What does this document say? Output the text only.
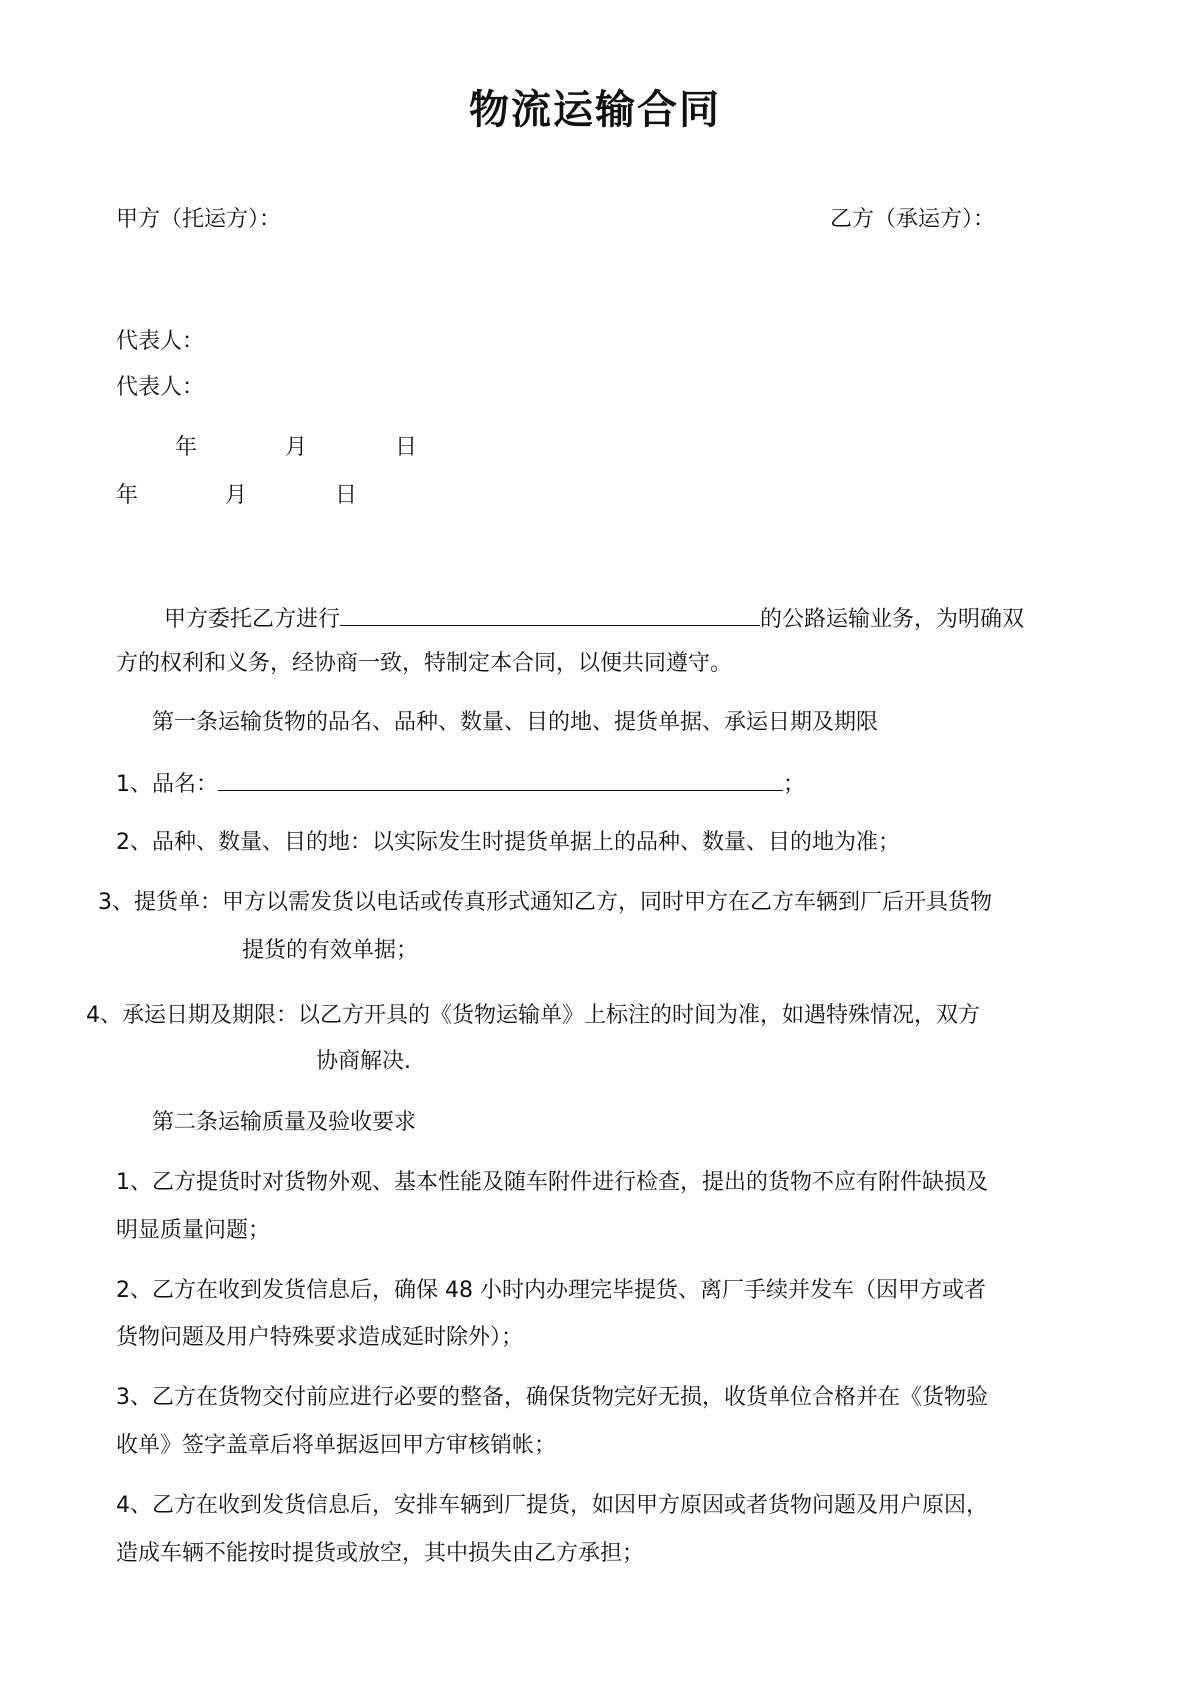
物流运输合同
甲方（托运方）：	乙方（承运方）：
代表人：
代表人：
年	月	日
年	月	日
甲方委托乙方进行	的公路运输业务，为明确双
方的权利和义务，经协商一致，特制定本合同，以便共同遵守。
第一条运输货物的品名、品种、数量、目的地、提货单据、承运日期及期限
1、品名：	；
2、品种、数量、目的地：以实际发生时提货单据上的品种、数量、目的地为准；
3、提货单：甲方以需发货以电话或传真形式通知乙方，同时甲方在乙方车辆到厂后开具货物
提货的有效单据；
4、承运日期及期限：以乙方开具的《货物运输单》上标注的时间为准，如遇特殊情况，双方
协商解决.
第二条运输质量及验收要求
1、乙方提货时对货物外观、基本性能及随车附件进行检查，提出的货物不应有附件缺损及
明显质量问题；
2、乙方在收到发货信息后，确保 48 小时内办理完毕提货、离厂手续并发车（因甲方或者
货物问题及用户特殊要求造成延时除外）；
3、乙方在货物交付前应进行必要的整备，确保货物完好无损，收货单位合格并在《货物验
收单》签字盖章后将单据返回甲方审核销帐；
4、乙方在收到发货信息后，安排车辆到厂提货，如因甲方原因或者货物问题及用户原因，
造成车辆不能按时提货或放空，其中损失由乙方承担；
